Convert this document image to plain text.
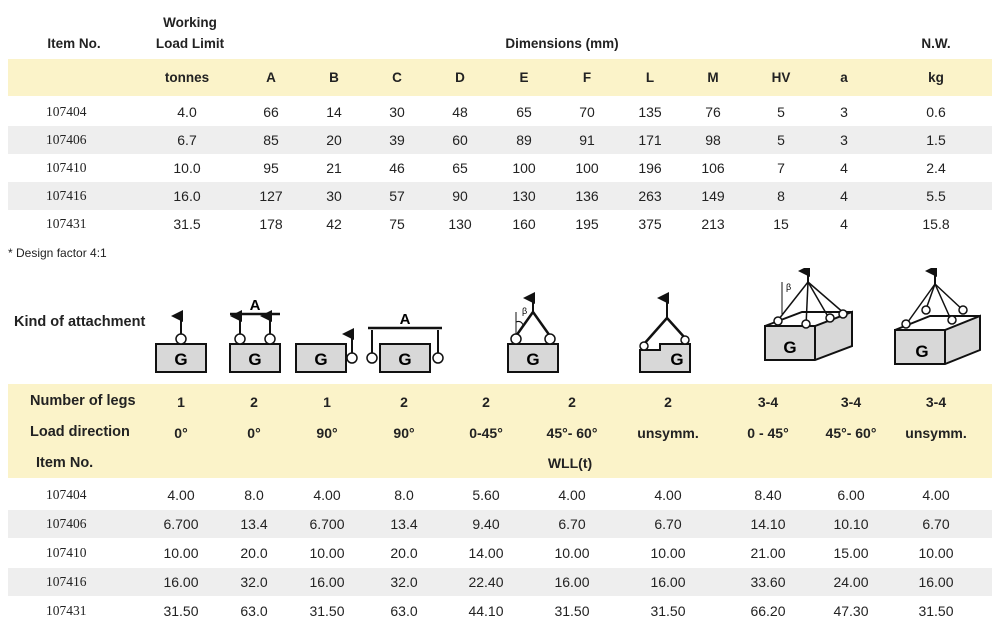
Item No.
Working
Load Limit	Dimensions (mm)	N.W.
tonnes	A	B	C	D	E	F	L	M	HV	a	kg
107404	4.0	66	14	30	48	65	70	135	76	5	3	0.6
107406	6.7	85	20	39	60	89	91	171	98	5	3	1.5
107410	10.0	95	21	46	65	100	100	196	106	7	4	2.4
107416	16.0	127	30	57	90	130	136	263	149	8	4	5.5
107431	31.5	178	42	75	130	160	195	375	213	15	4	15.8
* Design factor 4:1
Kind of attachment
G
A
G	G
A
G
β
G	G
β
G	G
Number of legs
Load direction
Item No.	WLL(t)
1	2	1	2	2	2	2	3-4	3-4	3-4
0°	0°	90°	90°	0-45°	45°- 60°	unsymm.	0 - 45°	45°- 60°	unsymm.
107404	4.00	8.0	4.00	8.0	5.60	4.00	4.00	8.40	6.00	4.00
107406	6.700	13.4	6.700	13.4	9.40	6.70	6.70	14.10	10.10	6.70
107410	10.00	20.0	10.00	20.0	14.00	10.00	10.00	21.00	15.00	10.00
107416	16.00	32.0	16.00	32.0	22.40	16.00	16.00	33.60	24.00	16.00
107431	31.50	63.0	31.50	63.0	44.10	31.50	31.50	66.20	47.30	31.50
